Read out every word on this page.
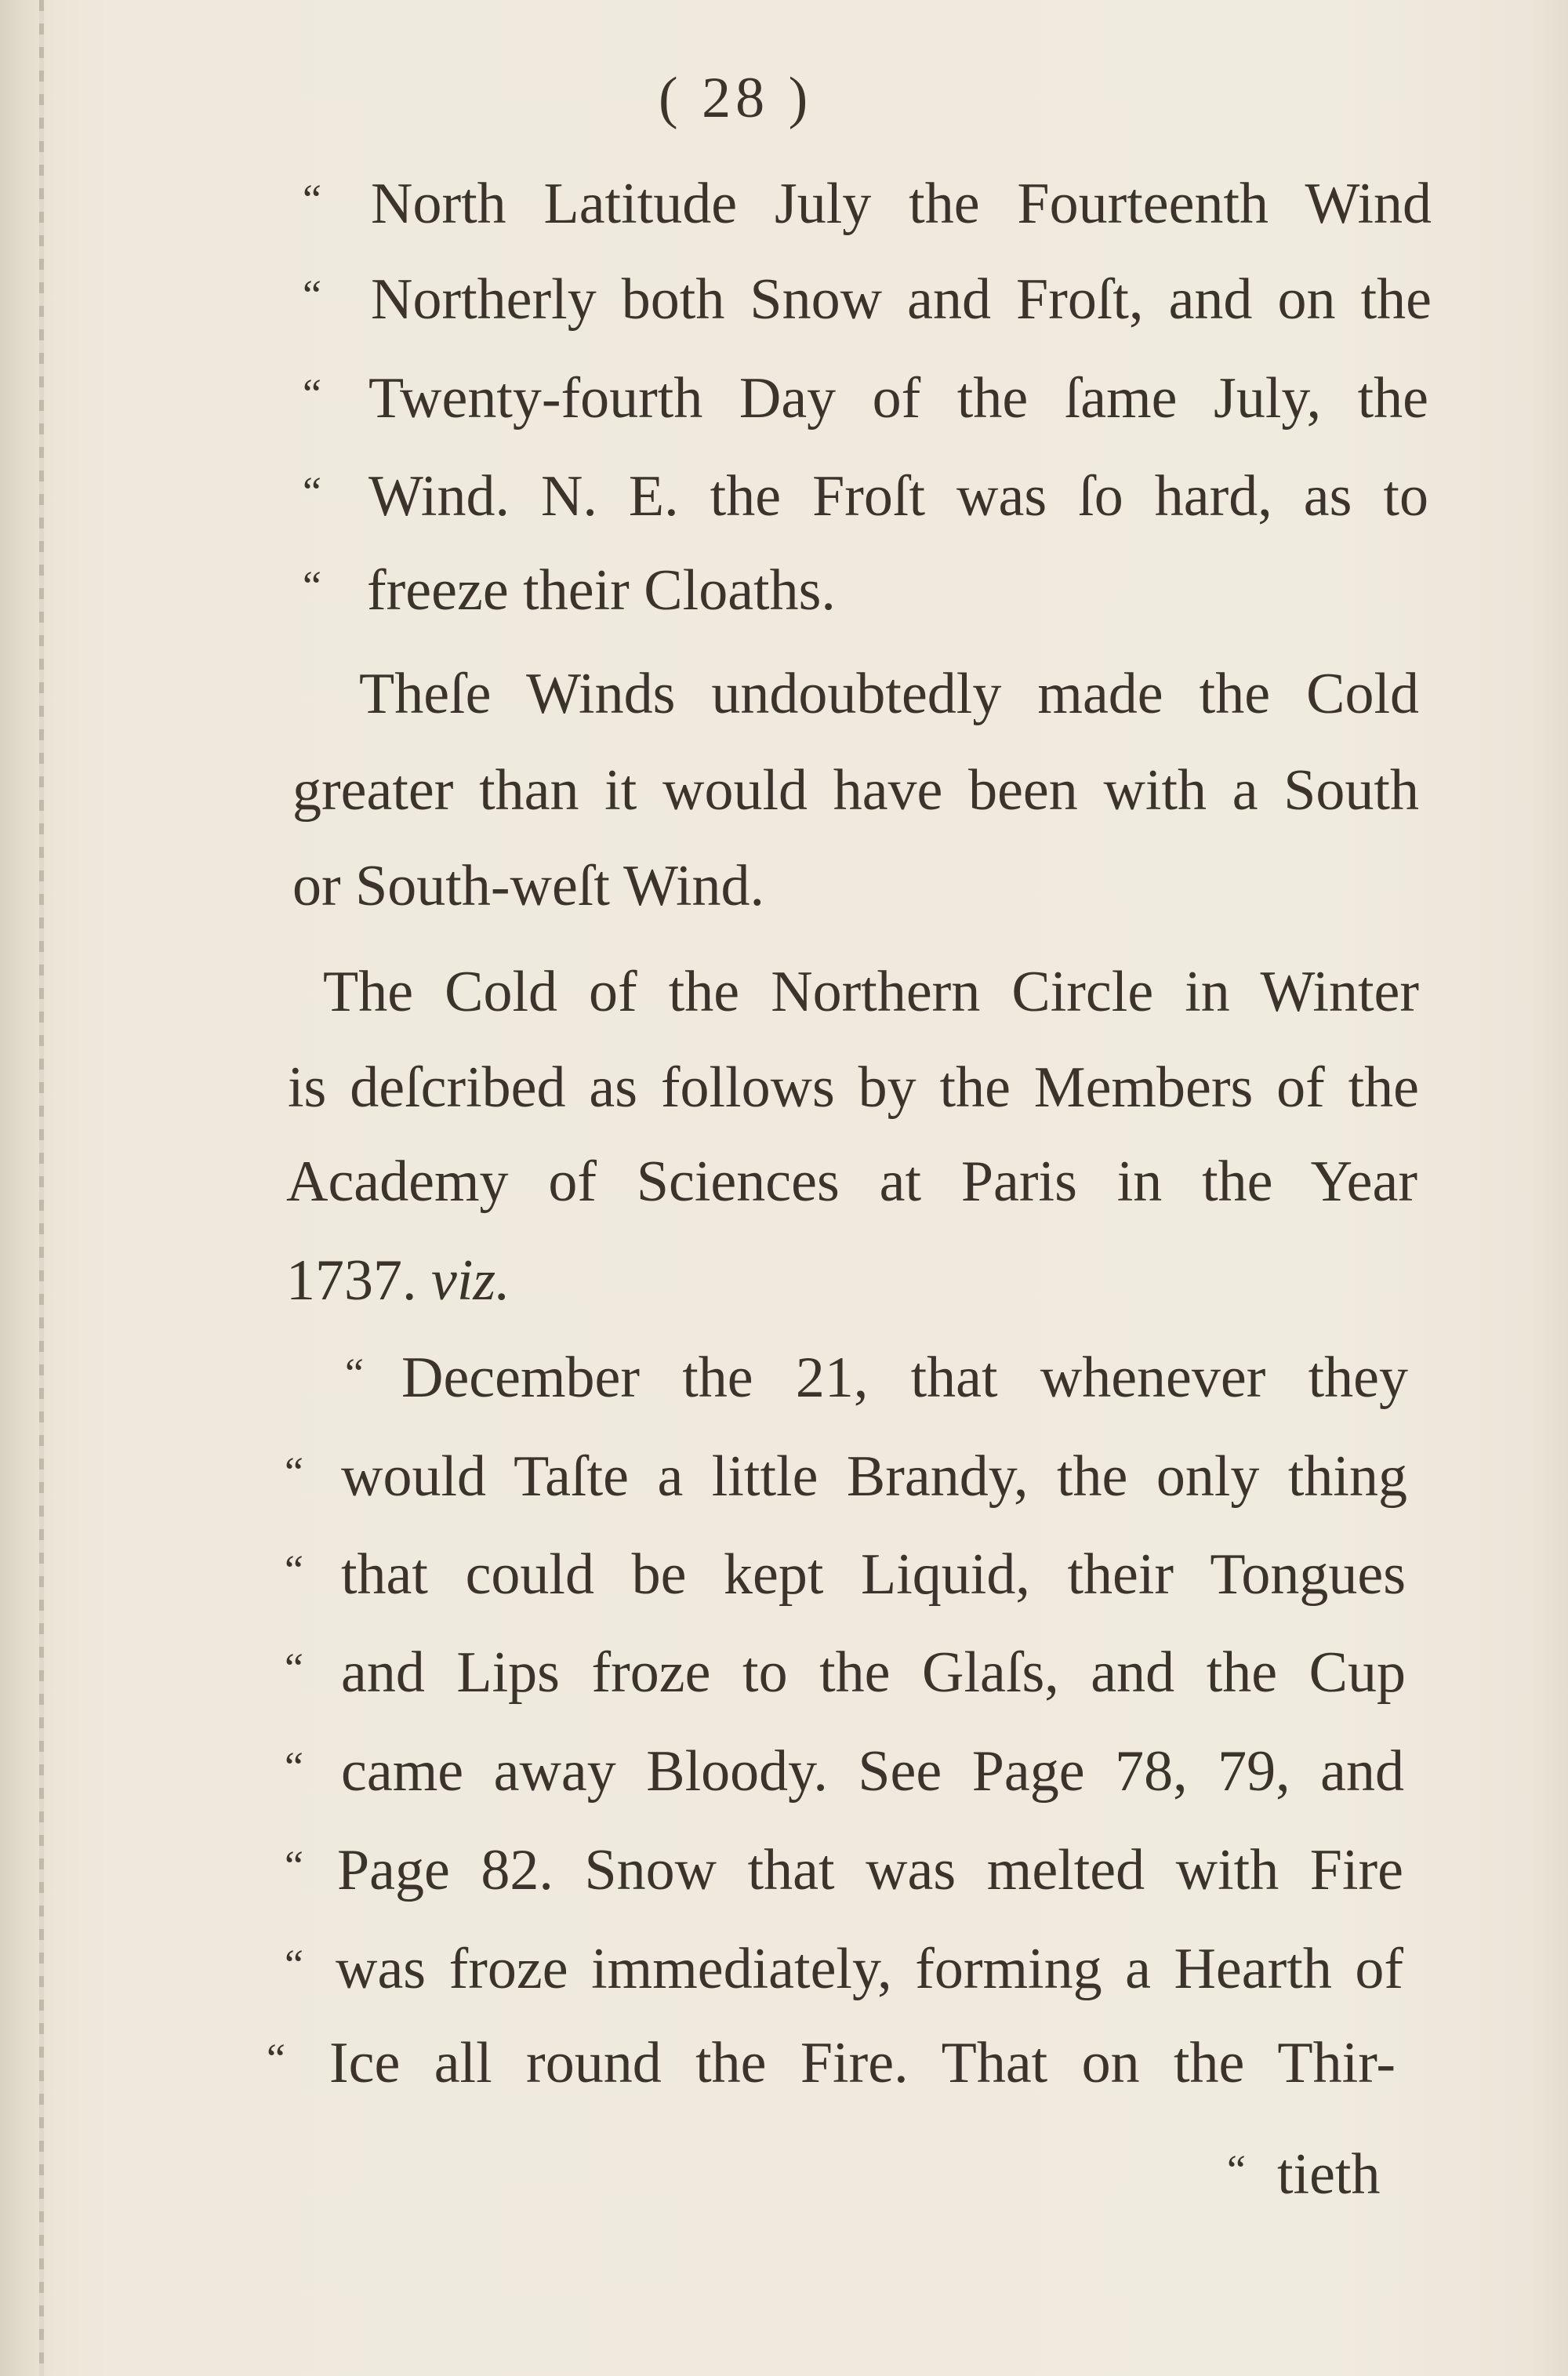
( 28 )
“ North Latitude July the Fourteenth Wind
“ Northerly both Snow and Froſt, and on the
“ Twenty-fourth Day of the ſame July, the
“ Wind. N. E. the Froſt was ſo hard, as to
“ freeze their Cloaths.
Theſe Winds undoubtedly made the Cold
greater than it would have been with a South
or South-weſt Wind.
The Cold of the Northern Circle in Winter
is deſcribed as follows by the Members of the
Academy of Sciences at Paris in the Year
1737. viz.
“ December the 21, that whenever they
“ would Taſte a little Brandy, the only thing
“ that could be kept Liquid, their Tongues
“ and Lips froze to the Glaſs, and the Cup
“ came away Bloody. See Page 78, 79, and
“ Page 82. Snow that was melted with Fire
“ was froze immediately, forming a Hearth of
“ Ice all round the Fire. That on the Thir-
“ tieth
